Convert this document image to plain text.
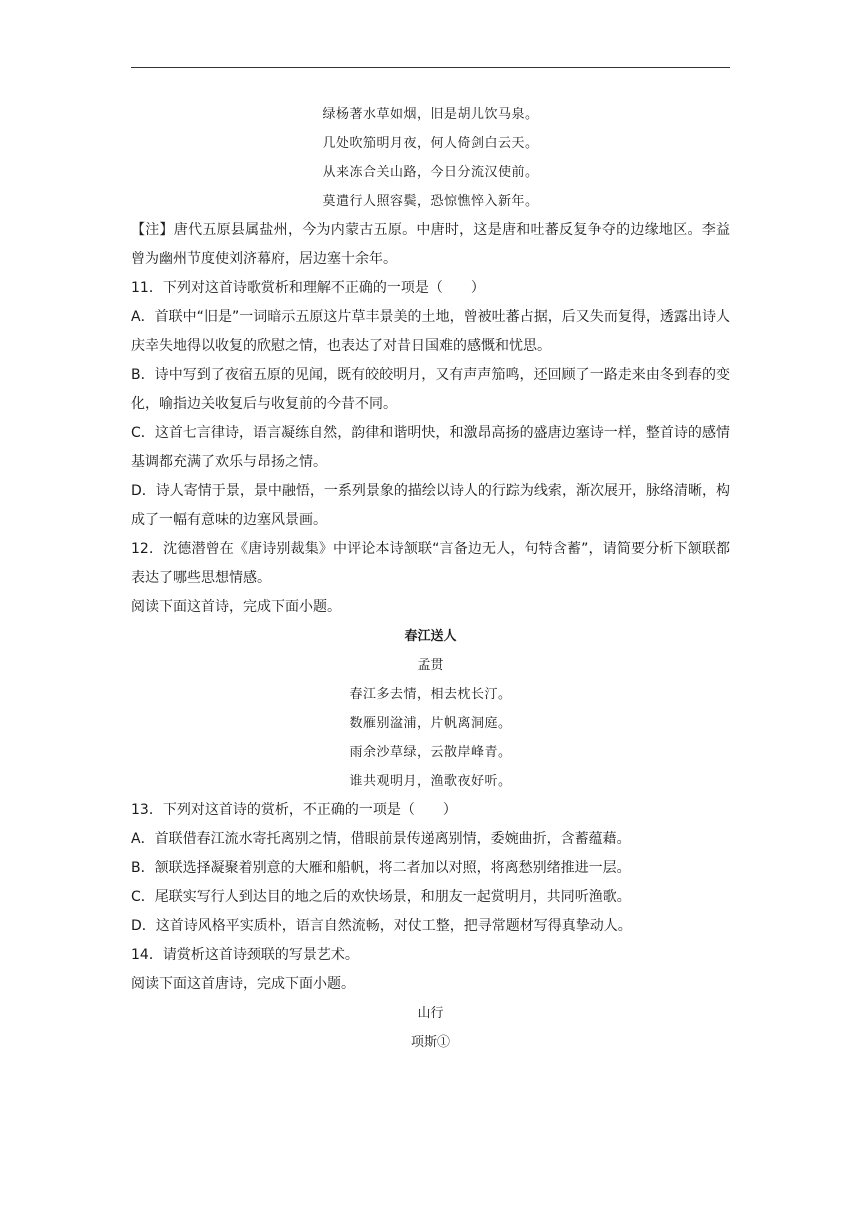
绿杨著水草如烟，旧是胡儿饮马泉。
几处吹笳明月夜，何人倚剑白云天。
从来冻合关山路，今日分流汉使前。
莫遣行人照容鬓，恐惊憔悴入新年。
【注】唐代五原县属盐州，今为内蒙古五原。中唐时，这是唐和吐蕃反复争夺的边缘地区。李益曾为幽州节度使刘济幕府，居边塞十余年。
11．下列对这首诗歌赏析和理解不正确的一项是（　　）
A．首联中“旧是”一词暗示五原这片草丰景美的土地，曾被吐蕃占据，后又失而复得，透露出诗人庆幸失地得以收复的欣慰之情，也表达了对昔日国难的感慨和忧思。
B．诗中写到了夜宿五原的见闻，既有皎皎明月，又有声声笳鸣，还回顾了一路走来由冬到春的变化，喻指边关收复后与收复前的今昔不同。
C．这首七言律诗，语言凝练自然，韵律和谐明快，和激昂高扬的盛唐边塞诗一样，整首诗的感情基调都充满了欢乐与昂扬之情。
D．诗人寄情于景，景中融悟，一系列景象的描绘以诗人的行踪为线索，渐次展开，脉络清晰，构成了一幅有意味的边塞风景画。
12．沈德潜曾在《唐诗别裁集》中评论本诗颔联“言备边无人，句特含蓄”，请简要分析下颔联都表达了哪些思想情感。
阅读下面这首诗，完成下面小题。
春江送人
孟贯
春江多去情，相去枕长汀。
数雁别湓浦，片帆离洞庭。
雨余沙草绿，云散岸峰青。
谁共观明月，渔歌夜好听。
13．下列对这首诗的赏析，不正确的一项是（　　）
A．首联借春江流水寄托离别之情，借眼前景传递离别情，委婉曲折，含蓄蕴藉。
B．颔联选择凝聚着别意的大雁和船帆，将二者加以对照，将离愁别绪推进一层。
C．尾联实写行人到达目的地之后的欢快场景，和朋友一起赏明月，共同听渔歌。
D．这首诗风格平实质朴，语言自然流畅，对仗工整，把寻常题材写得真挚动人。
14．请赏析这首诗颈联的写景艺术。
阅读下面这首唐诗，完成下面小题。
山行
项斯①
